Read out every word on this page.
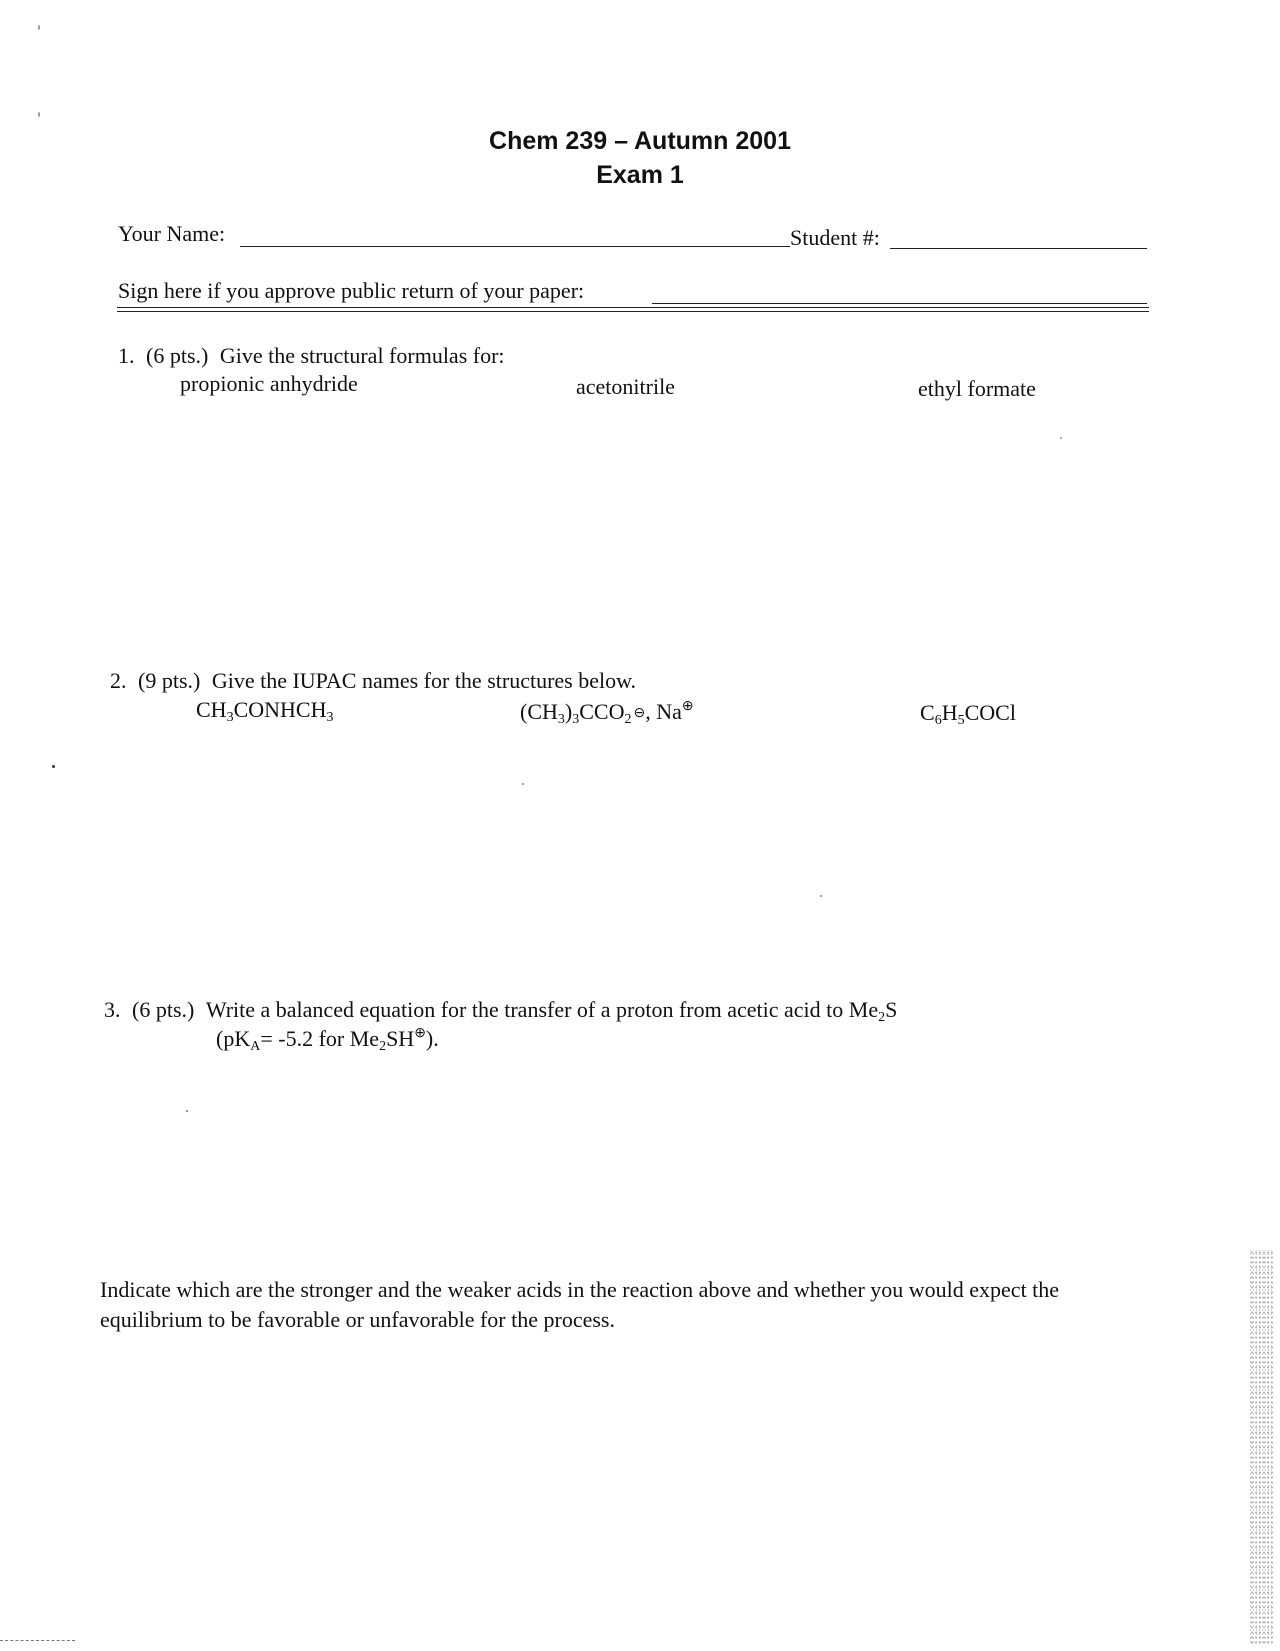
Chem 239 – Autumn 2001
Exam 1
Your Name:	Student #:
Sign here if you approve public return of your paper:
1. (6 pts.) Give the structural formulas for:
propionic anhydride	acetonitrile	ethyl formate
2. (9 pts.) Give the IUPAC names for the structures below.
$CH_3CONHCH_3$	$(CH_3)_3CCO_2$ ⊖, Na⊕	$C_6H_5COCl$
3. (6 pts.) Write a balanced equation for the transfer of a proton from acetic acid to $Me_2S$
($pK_A= -5.2$ for $Me_2SH^\oplus$).
Indicate which are the stronger and the weaker acids in the reaction above and whether you would expect the equilibrium to be favorable or unfavorable for the process.
